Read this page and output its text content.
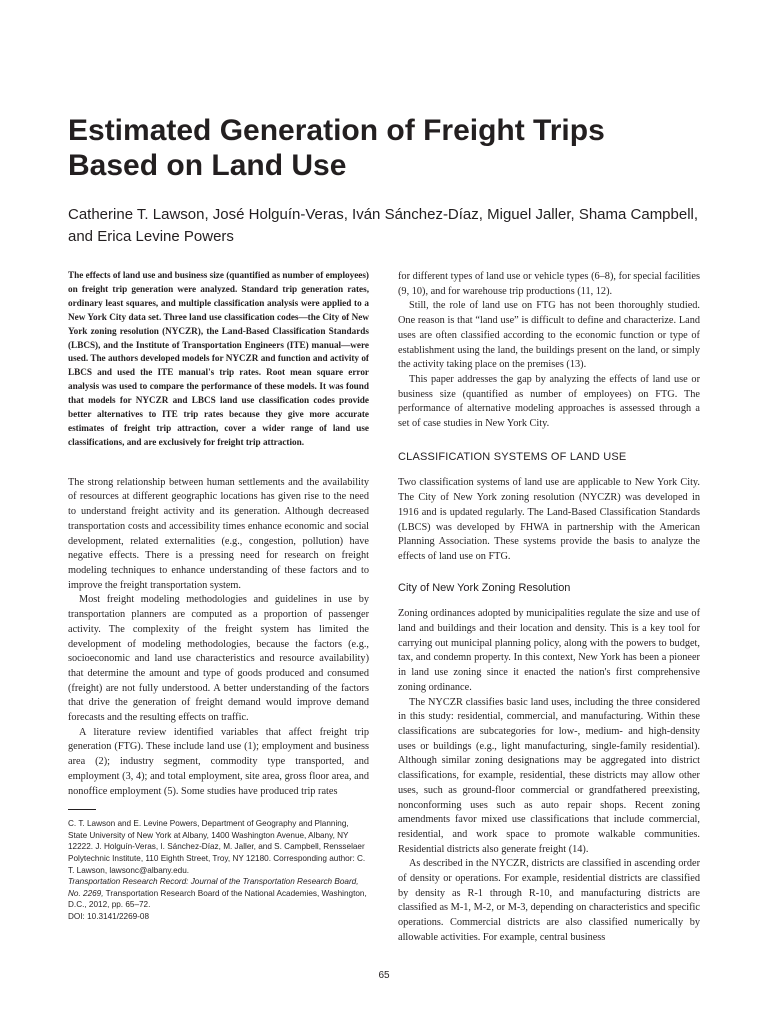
Estimated Generation of Freight Trips Based on Land Use

Catherine T. Lawson, José Holguín-Veras, Iván Sánchez-Díaz, Miguel Jaller, Shama Campbell, and Erica Levine Powers

The effects of land use and business size (quantified as number of employees) on freight trip generation were analyzed. Standard trip generation rates, ordinary least squares, and multiple classification analysis were applied to a New York City data set. Three land use classification codes—the City of New York zoning resolution (NYCZR), the Land-Based Classification Standards (LBCS), and the Institute of Transportation Engineers (ITE) manual—were used. The authors developed models for NYCZR and function and activity of LBCS and used the ITE manual's trip rates. Root mean square error analysis was used to compare the performance of these models. It was found that models for NYCZR and LBCS land use classification codes provide better alternatives to ITE trip rates because they give more accurate estimates of freight trip attraction, cover a wider range of land use classifications, and are exclusively for freight trip attraction.

The strong relationship between human settlements and the availability of resources at different geographic locations has given rise to the need to understand freight activity and its generation. Although decreased transportation costs and accessibility times enhance economic and social development, related externalities (e.g., congestion, pollution) have negative effects. There is a pressing need for research on freight modeling techniques to enhance understanding of these factors and to improve the freight transportation system.

Most freight modeling methodologies and guidelines in use by transportation planners are computed as a proportion of passenger activity. The complexity of the freight system has limited the development of modeling methodologies, because the factors (e.g., socioeconomic and land use characteristics and resource availability) that determine the amount and type of goods produced and consumed (freight) are not fully understood. A better understanding of the factors that drive the generation of freight demand would improve demand forecasts and the resulting effects on traffic.

A literature review identified variables that affect freight trip generation (FTG). These include land use (1); employment and business area (2); industry segment, commodity type transported, and employment (3, 4); and total employment, site area, gross floor area, and nonoffice employment (5). Some studies have produced trip rates

C. T. Lawson and E. Levine Powers, Department of Geography and Planning, State University of New York at Albany, 1400 Washington Avenue, Albany, NY 12222. J. Holguín-Veras, I. Sánchez-Díaz, M. Jaller, and S. Campbell, Rensselaer Polytechnic Institute, 110 Eighth Street, Troy, NY 12180. Corresponding author: C. T. Lawson, lawsonc@albany.edu.

Transportation Research Record: Journal of the Transportation Research Board, No. 2269, Transportation Research Board of the National Academies, Washington, D.C., 2012, pp. 65–72.
DOI: 10.3141/2269-08

for different types of land use or vehicle types (6–8), for special facilities (9, 10), and for warehouse trip productions (11, 12).

Still, the role of land use on FTG has not been thoroughly studied. One reason is that “land use” is difficult to define and characterize. Land uses are often classified according to the economic function or type of establishment using the land, the buildings present on the land, or simply the activity taking place on the premises (13).

This paper addresses the gap by analyzing the effects of land use or business size (quantified as number of employees) on FTG. The performance of alternative modeling approaches is assessed through a set of case studies in New York City.

CLASSIFICATION SYSTEMS OF LAND USE

Two classification systems of land use are applicable to New York City. The City of New York zoning resolution (NYCZR) was developed in 1916 and is updated regularly. The Land-Based Classification Standards (LBCS) was developed by FHWA in partnership with the American Planning Association. These systems provide the basis to analyze the effects of land use on FTG.

City of New York Zoning Resolution

Zoning ordinances adopted by municipalities regulate the size and use of land and buildings and their location and density. This is a key tool for carrying out municipal planning policy, along with the powers to budget, tax, and condemn property. In this context, New York has been a pioneer in land use zoning since it enacted the nation's first comprehensive zoning ordinance.

The NYCZR classifies basic land uses, including the three considered in this study: residential, commercial, and manufacturing. Within these classifications are subcategories for low-, medium- and high-density uses or buildings (e.g., light manufacturing, single-family residential). Although similar zoning designations may be aggregated into district classifications, for example, residential, these districts may allow other uses, such as ground-floor commercial or grandfathered preexisting, nonconforming uses such as auto repair shops. Recent zoning amendments favor mixed use classifications that include commercial, residential, and work space to promote walkable communities. Residential districts also generate freight (14).

As described in the NYCZR, districts are classified in ascending order of density or operations. For example, residential districts are classified by density as R-1 through R-10, and manufacturing districts are classified as M-1, M-2, or M-3, depending on characteristics and specific operations. Commercial districts are also classified numerically by allowable activities. For example, central business

65
